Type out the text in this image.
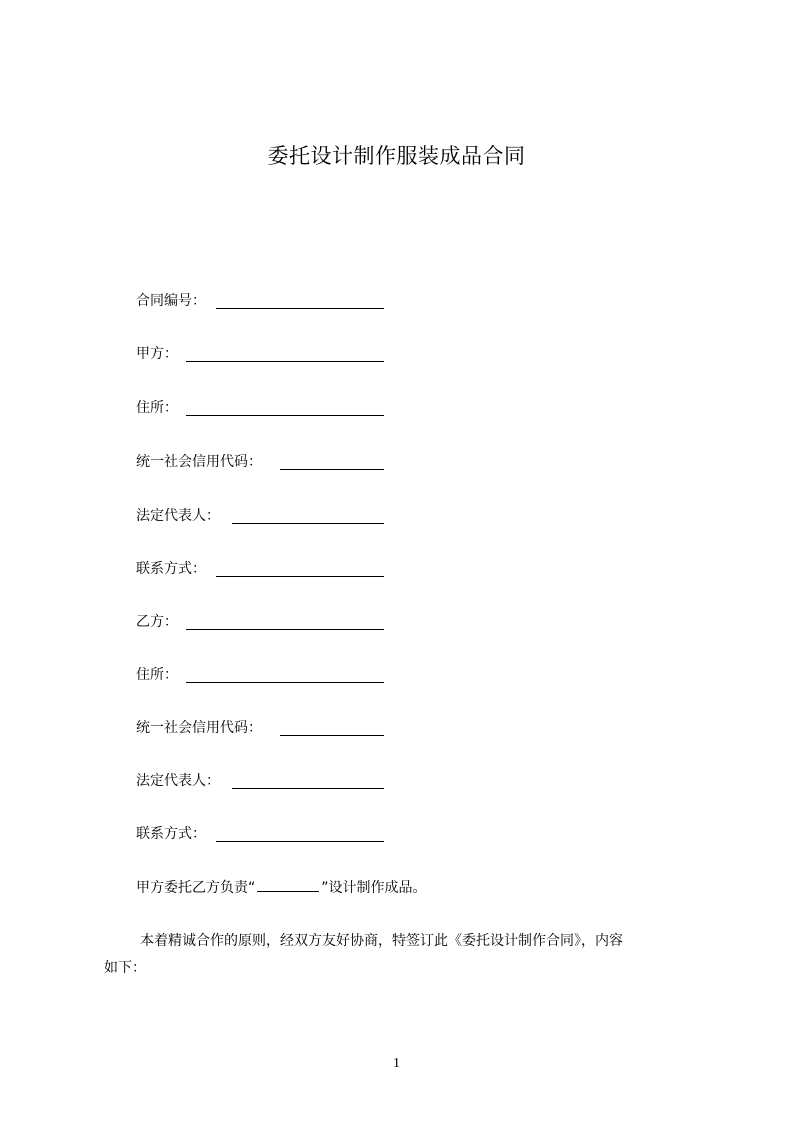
委托设计制作服装成品合同
合同编号：
甲方：
住所：
统一社会信用代码：
法定代表人：
联系方式：
乙方：
住所：
统一社会信用代码：
法定代表人：
联系方式：
甲方委托乙方负责“	”设计制作成品。
本着精诚合作的原则，经双方友好协商，特签订此《委托设计制作合同》，内容
如下：
1
